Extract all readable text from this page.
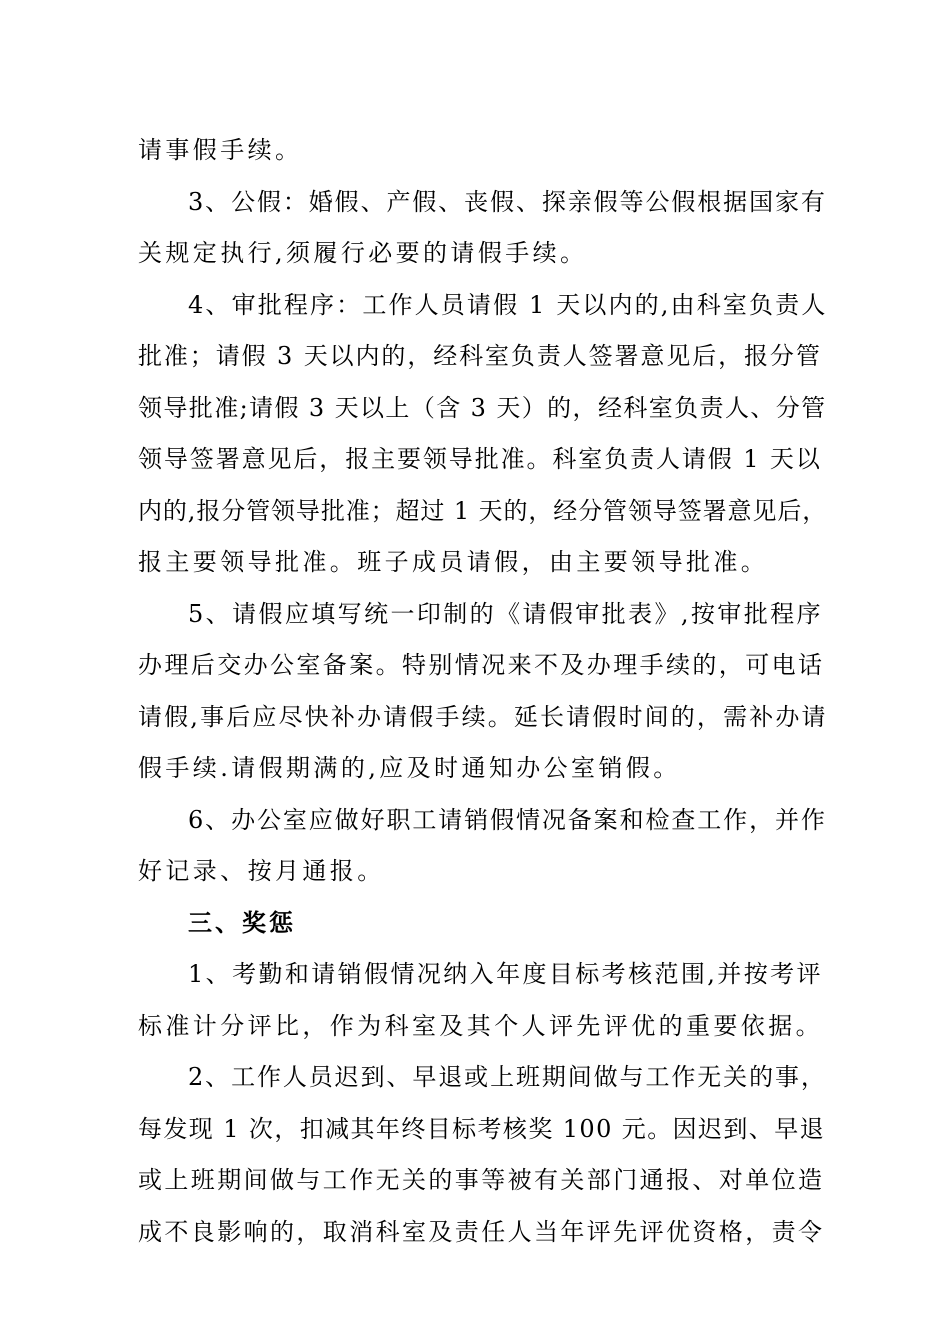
请事假手续。
3、公假：婚假、产假、丧假、探亲假等公假根据国家有
关规定执行,须履行必要的请假手续。
4、审批程序：工作人员请假 1 天以内的,由科室负责人
批准；请假 3 天以内的，经科室负责人签署意见后，报分管
领导批准;请假 3 天以上（含 3 天）的，经科室负责人、分管
领导签署意见后，报主要领导批准。科室负责人请假 1 天以
内的,报分管领导批准；超过 1 天的，经分管领导签署意见后，
报主要领导批准。班子成员请假，由主要领导批准。
5、请假应填写统一印制的《请假审批表》,按审批程序
办理后交办公室备案。特别情况来不及办理手续的，可电话
请假,事后应尽快补办请假手续。延长请假时间的，需补办请
假手续.请假期满的,应及时通知办公室销假。
6、办公室应做好职工请销假情况备案和检查工作，并作
好记录、按月通报。
三、奖惩
1、考勤和请销假情况纳入年度目标考核范围,并按考评
标准计分评比，作为科室及其个人评先评优的重要依据。
2、工作人员迟到、早退或上班期间做与工作无关的事，
每发现 1 次，扣减其年终目标考核奖 100 元。因迟到、早退
或上班期间做与工作无关的事等被有关部门通报、对单位造
成不良影响的，取消科室及责任人当年评先评优资格，责令
